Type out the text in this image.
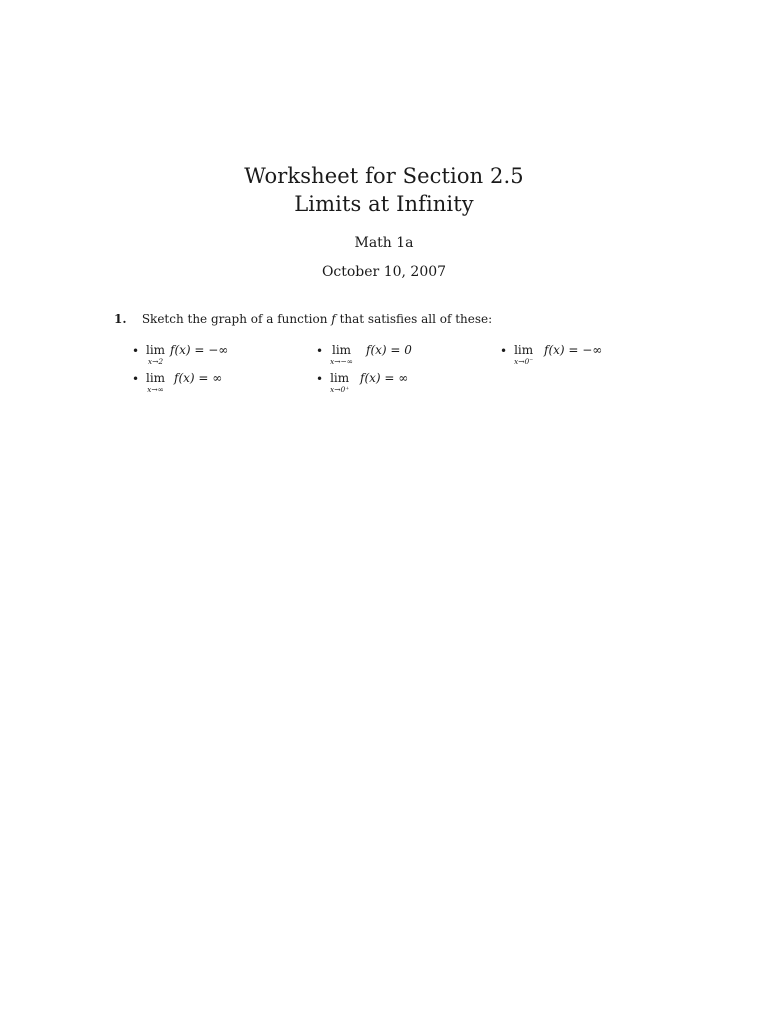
Worksheet for Section 2.5
Limits at Infinity
Math 1a
October 10, 2007
1. Sketch the graph of a function f that satisfies all of these:
• lim
x→2
f(x) = −∞	• lim
x→−∞
f(x) = 0	• lim
x→0⁻
f(x) = −∞
• lim
x→∞
f(x) = ∞	• lim
x→0⁺
f(x) = ∞
